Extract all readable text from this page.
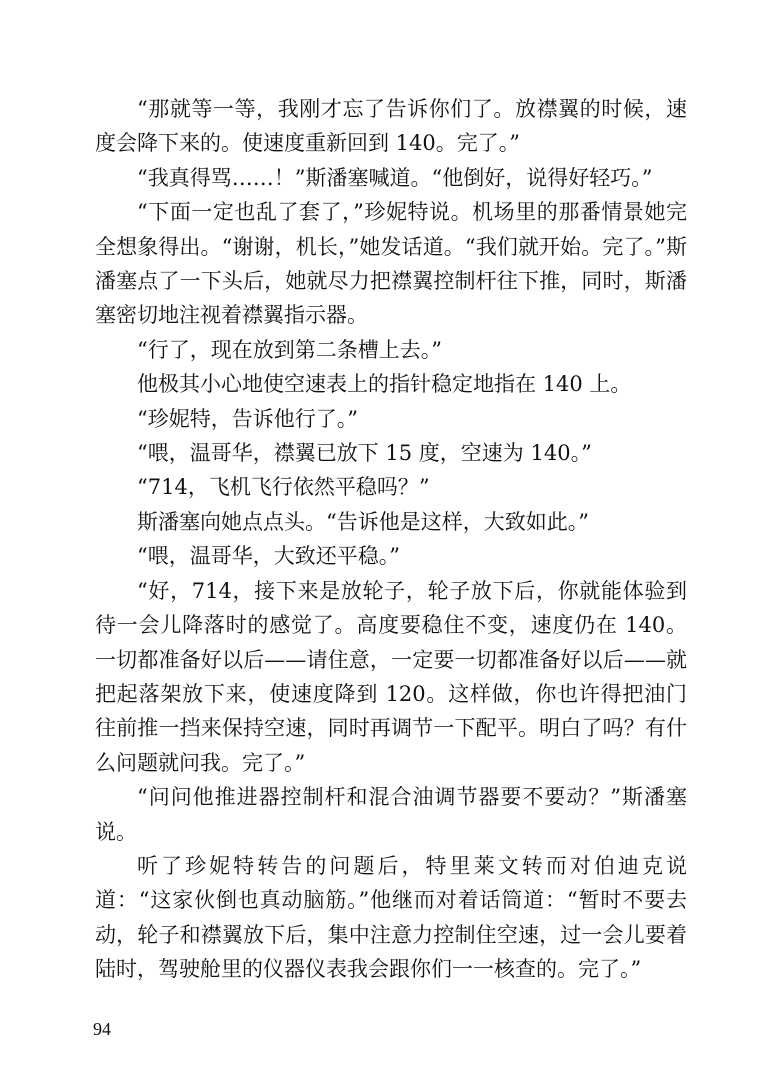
“那就等一等，我刚才忘了告诉你们了。放襟翼的时候，速度会降下来的。使速度重新回到 140。完了。”

“我真得骂……！”斯潘塞喊道。“他倒好，说得好轻巧。”

“下面一定也乱了套了，”珍妮特说。机场里的那番情景她完全想象得出。“谢谢，机长，”她发话道。“我们就开始。完了。”斯潘塞点了一下头后，她就尽力把襟翼控制杆往下推，同时，斯潘塞密切地注视着襟翼指示器。

“行了，现在放到第二条槽上去。”

他极其小心地使空速表上的指针稳定地指在 140 上。

“珍妮特，告诉他行了。”

“喂，温哥华，襟翼已放下 15 度，空速为 140。”

“714，飞机飞行依然平稳吗？”

斯潘塞向她点点头。“告诉他是这样，大致如此。”

“喂，温哥华，大致还平稳。”

“好，714，接下来是放轮子，轮子放下后，你就能体验到待一会儿降落时的感觉了。高度要稳住不变，速度仍在 140。一切都准备好以后——请住意，一定要一切都准备好以后——就把起落架放下来，使速度降到 120。这样做，你也许得把油门往前推一挡来保持空速，同时再调节一下配平。明白了吗？有什么问题就问我。完了。”

“问问他推进器控制杆和混合油调节器要不要动？”斯潘塞说。

听了珍妮特转告的问题后，特里莱文转而对伯迪克说道：“这家伙倒也真动脑筋。”他继而对着话筒道：“暂时不要去动，轮子和襟翼放下后，集中注意力控制住空速，过一会儿要着陆时，驾驶舱里的仪器仪表我会跟你们一一核查的。完了。”

94
